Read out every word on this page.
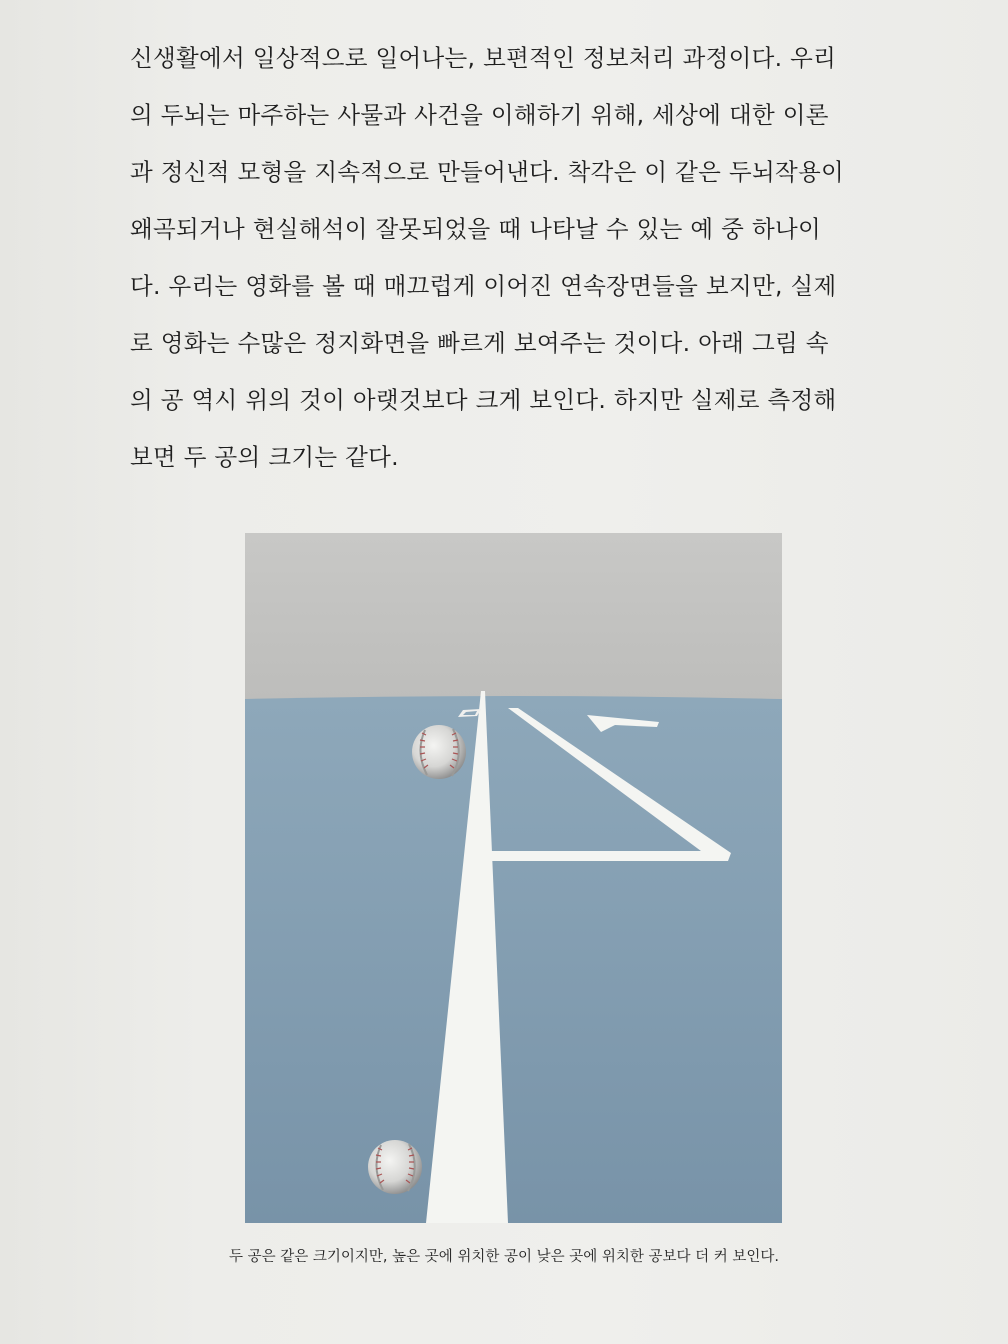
신생활에서 일상적으로 일어나는, 보편적인 정보처리 과정이다. 우리
의 두뇌는 마주하는 사물과 사건을 이해하기 위해, 세상에 대한 이론
과 정신적 모형을 지속적으로 만들어낸다. 착각은 이 같은 두뇌작용이
왜곡되거나 현실해석이 잘못되었을 때 나타날 수 있는 예 중 하나이
다. 우리는 영화를 볼 때 매끄럽게 이어진 연속장면들을 보지만, 실제
로 영화는 수많은 정지화면을 빠르게 보여주는 것이다. 아래 그림 속
의 공 역시 위의 것이 아랫것보다 크게 보인다. 하지만 실제로 측정해
보면 두 공의 크기는 같다.
두 공은 같은 크기이지만, 높은 곳에 위치한 공이 낮은 곳에 위치한 공보다 더 커 보인다.
